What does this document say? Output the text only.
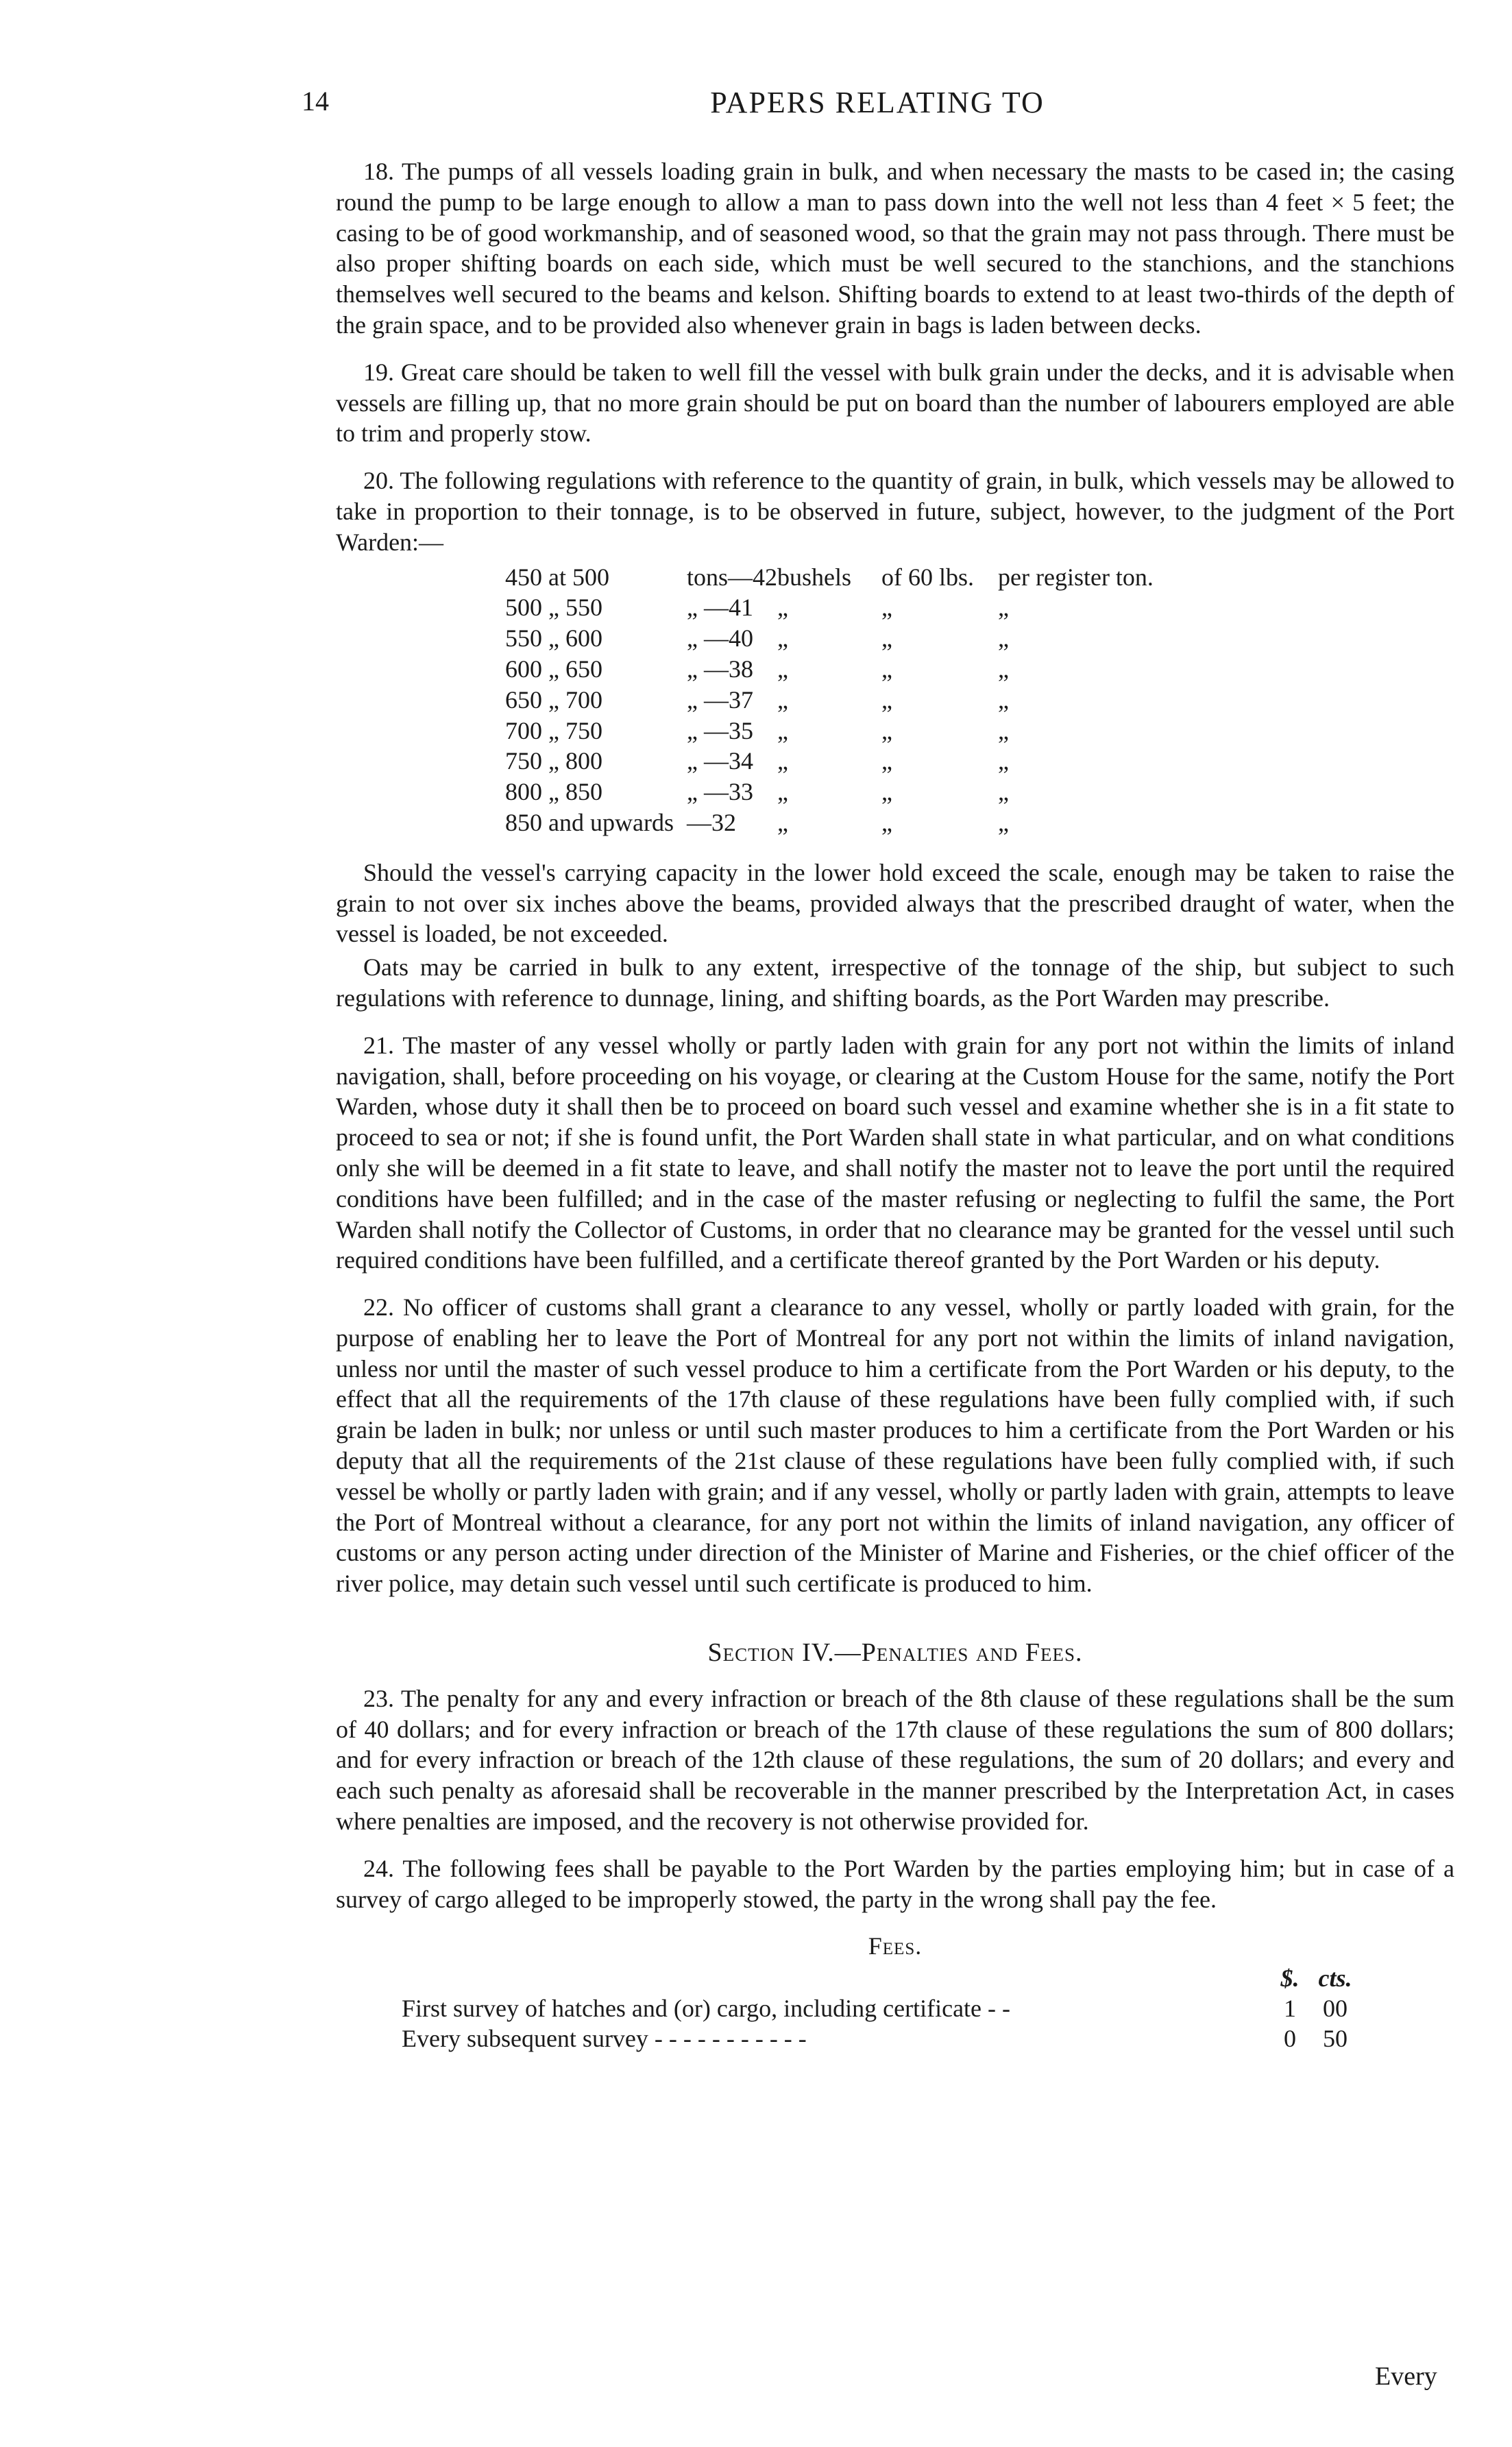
14	PAPERS RELATING TO

18. The pumps of all vessels loading grain in bulk, and when necessary the masts to be cased in; the casing round the pump to be large enough to allow a man to pass down into the well not less than 4 feet × 5 feet; the casing to be of good workmanship, and of seasoned wood, so that the grain may not pass through. There must be also proper shifting boards on each side, which must be well secured to the stanchions, and the stanchions themselves well secured to the beams and kelson. Shifting boards to extend to at least two-thirds of the depth of the grain space, and to be provided also whenever grain in bags is laden between decks.

19. Great care should be taken to well fill the vessel with bulk grain under the decks, and it is advisable when vessels are filling up, that no more grain should be put on board than the number of labourers employed are able to trim and properly stow.

20. The following regulations with reference to the quantity of grain, in bulk, which vessels may be allowed to take in proportion to their tonnage, is to be observed in future, subject, however, to the judgment of the Port Warden:—

450 at 500	tons—42	bushels	of 60 lbs.	per register ton.
500 „ 550	„ —41	„	„	„
550 „ 600	„ —40	„	„	„
600 „ 650	„ —38	„	„	„
650 „ 700	„ —37	„	„	„
700 „ 750	„ —35	„	„	„
750 „ 800	„ —34	„	„	„
800 „ 850	„ —33	„	„	„
850 and upwards	—32	„	„	„

Should the vessel's carrying capacity in the lower hold exceed the scale, enough may be taken to raise the grain to not over six inches above the beams, provided always that the prescribed draught of water, when the vessel is loaded, be not exceeded.

Oats may be carried in bulk to any extent, irrespective of the tonnage of the ship, but subject to such regulations with reference to dunnage, lining, and shifting boards, as the Port Warden may prescribe.

21. The master of any vessel wholly or partly laden with grain for any port not within the limits of inland navigation, shall, before proceeding on his voyage, or clearing at the Custom House for the same, notify the Port Warden, whose duty it shall then be to proceed on board such vessel and examine whether she is in a fit state to proceed to sea or not; if she is found unfit, the Port Warden shall state in what particular, and on what conditions only she will be deemed in a fit state to leave, and shall notify the master not to leave the port until the required conditions have been fulfilled; and in the case of the master refusing or neglecting to fulfil the same, the Port Warden shall notify the Collector of Customs, in order that no clearance may be granted for the vessel until such required conditions have been fulfilled, and a certificate thereof granted by the Port Warden or his deputy.

22. No officer of customs shall grant a clearance to any vessel, wholly or partly loaded with grain, for the purpose of enabling her to leave the Port of Montreal for any port not within the limits of inland navigation, unless nor until the master of such vessel produce to him a certificate from the Port Warden or his deputy, to the effect that all the requirements of the 17th clause of these regulations have been fully complied with, if such grain be laden in bulk; nor unless or until such master produces to him a certificate from the Port Warden or his deputy that all the requirements of the 21st clause of these regulations have been fully complied with, if such vessel be wholly or partly laden with grain; and if any vessel, wholly or partly laden with grain, attempts to leave the Port of Montreal without a clearance, for any port not within the limits of inland navigation, any officer of customs or any person acting under direction of the Minister of Marine and Fisheries, or the chief officer of the river police, may detain such vessel until such certificate is produced to him.

Section IV.—Penalties and Fees.

23. The penalty for any and every infraction or breach of the 8th clause of these regulations shall be the sum of 40 dollars; and for every infraction or breach of the 17th clause of these regulations the sum of 800 dollars; and for every infraction or breach of the 12th clause of these regulations, the sum of 20 dollars; and every and each such penalty as aforesaid shall be recoverable in the manner prescribed by the Interpretation Act, in cases where penalties are imposed, and the recovery is not otherwise provided for.

24. The following fees shall be payable to the Port Warden by the parties employing him; but in case of a survey of cargo alleged to be improperly stowed, the party in the wrong shall pay the fee.

Fees.
	$.	cts.
First survey of hatches and (or) cargo, including certificate - -	1	00
Every subsequent survey - - - - - - - - - - -	0	50
Every
